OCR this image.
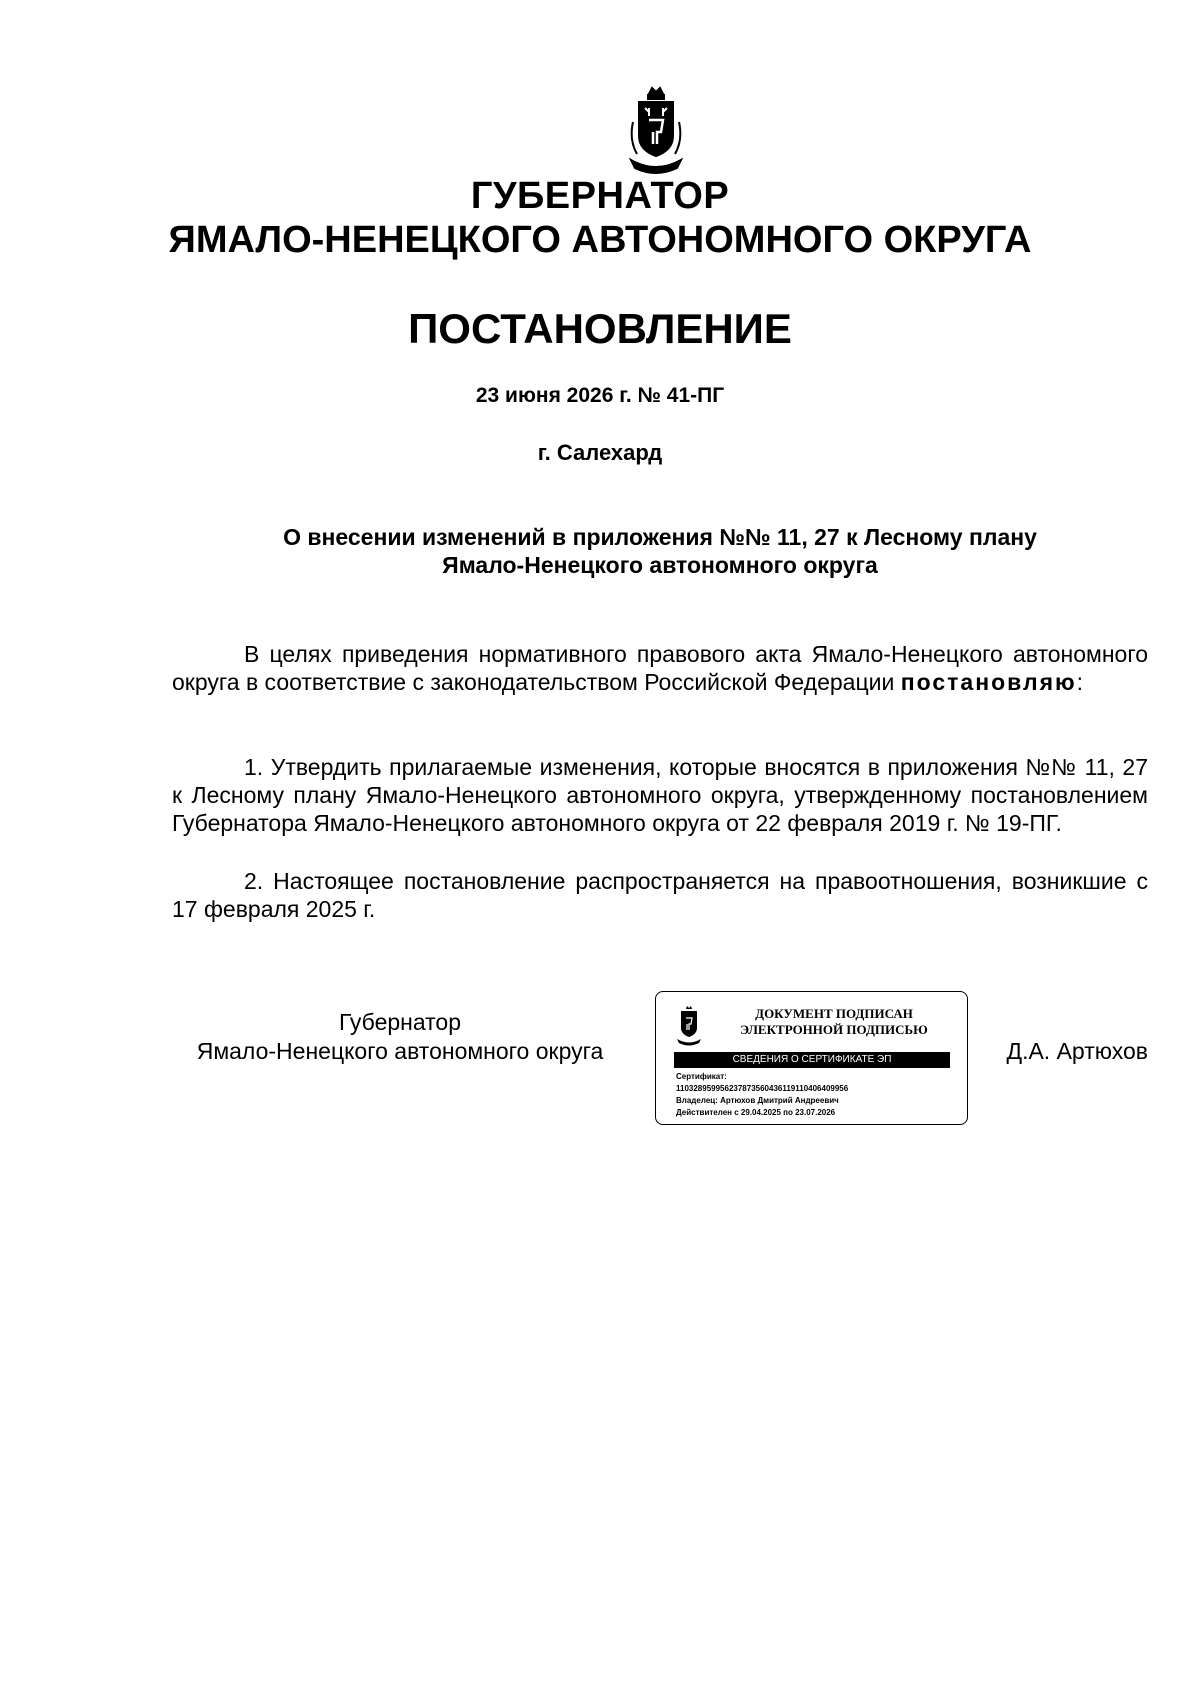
ГУБЕРНАТОР
ЯМАЛО-НЕНЕЦКОГО АВТОНОМНОГО ОКРУГА
ПОСТАНОВЛЕНИЕ
23 июня 2026 г. № 41-ПГ
г. Салехард
О внесении изменений в приложения №№ 11, 27 к Лесному плану
Ямало-Ненецкого автономного округа
В целях приведения нормативного правового акта Ямало-Ненецкого автономного округа в соответствие с законодательством Российской Федерации постановляю:
1. Утвердить прилагаемые изменения, которые вносятся в приложения №№ 11, 27 к Лесному плану Ямало-Ненецкого автономного округа, утвержденному постановлением Губернатора Ямало-Ненецкого автономного округа от 22 февраля 2019 г. № 19-ПГ.
2. Настоящее постановление распространяется на правоотношения, возникшие с 17 февраля 2025 г.
Губернатор
Ямало-Ненецкого автономного округа
ДОКУМЕНТ ПОДПИСАН
ЭЛЕКТРОННОЙ ПОДПИСЬЮ
СВЕДЕНИЯ О СЕРТИФИКАТЕ ЭП
Сертификат:
110328959956237873560436119110406409956
Владелец: Артюхов Дмитрий Андреевич
Действителен с 29.04.2025 по 23.07.2026
Д.А. Артюхов
